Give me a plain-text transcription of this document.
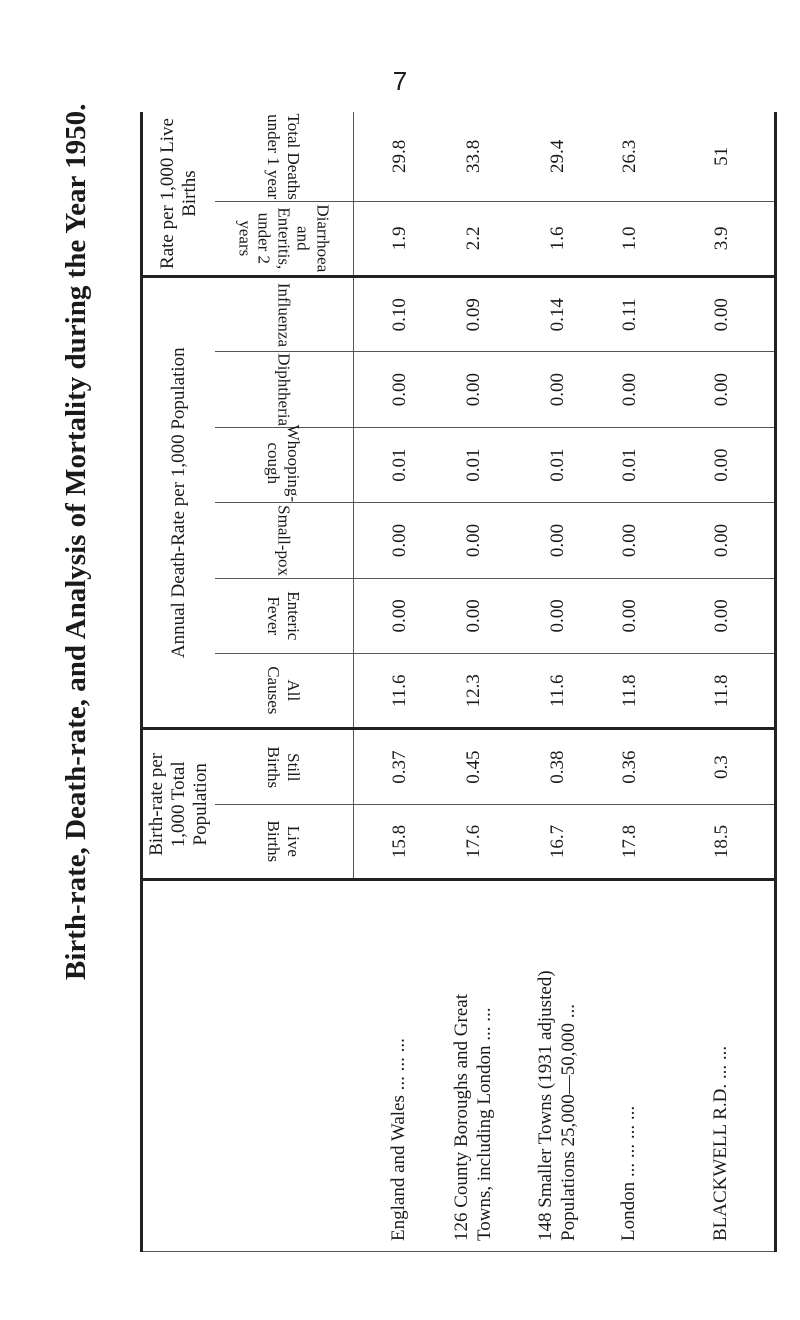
7
Birth-rate, Death-rate, and Analysis of Mortality during the Year 1950.
		Birth-rate per 1,000 Total Population		Annual Death-Rate per 1,000 Population						Rate per 1,000 Live Births	
	Live Births	Still Births	All Causes	Enteric Fever	Small-pox	Whooping-cough	Diphtheria	Influenza	Diarrhoea and Enteritis, under 2 years	Total Deaths under 1 year

England and Wales ... ... ...	15.8	0.37	11.6	0.00	0.00	0.01	0.00	0.10	1.9	29.8
126 County Boroughs and Great
Towns, including London ... ...	17.6	0.45	12.3	0.00	0.00	0.01	0.00	0.09	2.2	33.8
148 Smaller Towns (1931 adjusted)
Populations 25,000—50,000 ...	16.7	0.38	11.6	0.00	0.00	0.01	0.00	0.14	1.6	29.4
London ... ... ... ...	17.8	0.36	11.8	0.00	0.00	0.01	0.00	0.11	1.0	26.3
BLACKWELL R.D. ... ...	18.5	0.3	11.8	0.00	0.00	0.00	0.00	0.00	3.9	51
